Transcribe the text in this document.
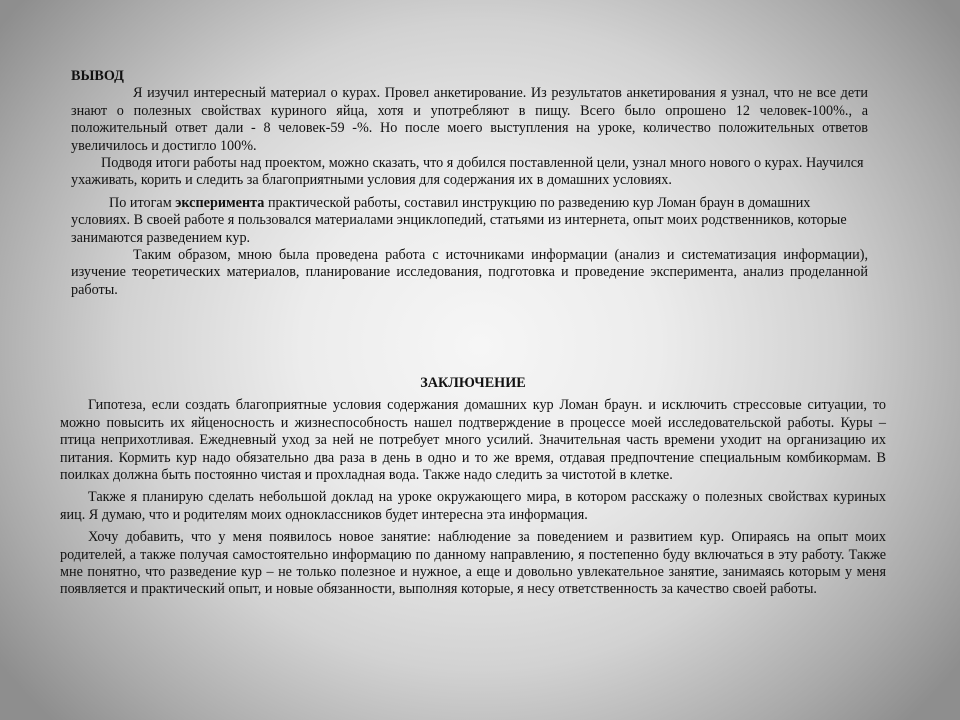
ВЫВОД

Я изучил интересный материал о курах. Провел анкетирование. Из результатов анкетирования я узнал, что не все дети знают о полезных свойствах куриного яйца, хотя и употребляют в пищу. Всего было опрошено 12 человек-100%., а положительный ответ дали - 8 человек-59 -%. Но после моего выступления на уроке, количество положительных ответов увеличилось и достигло 100%.

Подводя итоги работы над проектом, можно сказать, что я добился поставленной цели, узнал много нового о курах. Научился ухаживать, корить и следить за благоприятными условия для содержания их в домашних условиях.

По итогам эксперимента практической работы, составил инструкцию по разведению кур Ломан браун в домашних условиях. В своей работе я пользовался материалами энциклопедий, статьями из интернета, опыт моих родственников, которые занимаются разведением кур.

Таким образом, мною была проведена работа с источниками информации (анализ и систематизация информации), изучение теоретических материалов, планирование исследования, подготовка и проведение эксперимента, анализ проделанной работы.

ЗАКЛЮЧЕНИЕ

Гипотеза, если создать благоприятные условия содержания домашних кур Ломан браун. и исключить стрессовые ситуации, то можно повысить их яйценосность и жизнеспособность нашел подтверждение в процессе моей исследовательской работы. Куры – птица неприхотливая. Ежедневный уход за ней не потребует много усилий. Значительная часть времени уходит на организацию их питания. Кормить кур надо обязательно два раза в день в одно и то же время, отдавая предпочтение специальным комбикормам. В поилках должна быть постоянно чистая и прохладная вода. Также надо следить за чистотой в клетке.

Также я планирую сделать небольшой доклад на уроке окружающего мира, в котором расскажу о полезных свойствах куриных яиц. Я думаю, что и родителям моих одноклассников будет интересна эта информация.

Хочу добавить, что у меня появилось новое занятие: наблюдение за поведением и развитием кур. Опираясь на опыт моих родителей, а также получая самостоятельно информацию по данному направлению, я постепенно буду включаться в эту работу. Также мне понятно, что разведение кур – не только полезное и нужное, а еще и довольно увлекательное занятие, занимаясь которым у меня появляется и практический опыт, и новые обязанности, выполняя которые, я несу ответственность за качество своей работы.
